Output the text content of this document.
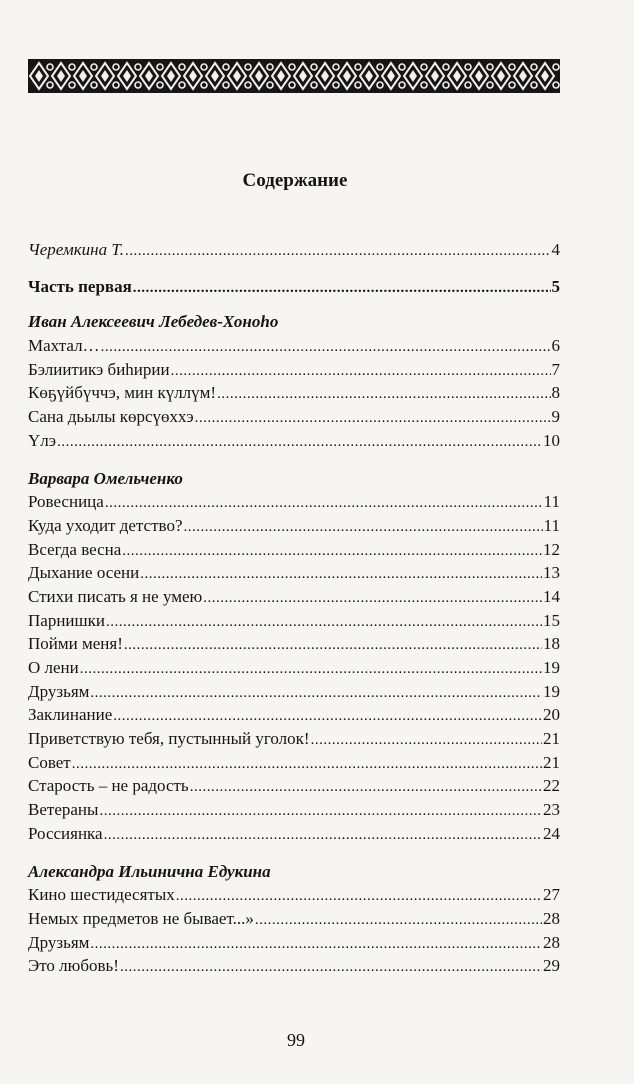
Содержание
Черемкина Т. .....	4
Часть первая .....	5
Иван Алексеевич Лебедев-Хоноһо
Махтал… .....	6
Бэлиитикэ биһирии .....	7
Көҕүйбүччэ, мин күллүм! .....	8
Сана дьылы көрсүөххэ .....	9
Үлэ .....	10
Варвара Омельченко
Ровесница .....	11
Куда уходит детство? .....	11
Всегда весна .....	12
Дыхание осени .....	13
Стихи писать я не умею .....	14
Парнишки .....	15
Пойми меня! .....	18
О лени .....	19
Друзьям .....	19
Заклинание .....	20
Приветствую тебя, пустынный уголок! .....	21
Совет .....	21
Старость – не радость .....	22
Ветераны .....	23
Россиянка .....	24
Александра Ильинична Едукина
Кино шестидесятых .....	27
Немых предметов не бывает...» .....	28
Друзьям .....	28
Это любовь! .....	29
99
